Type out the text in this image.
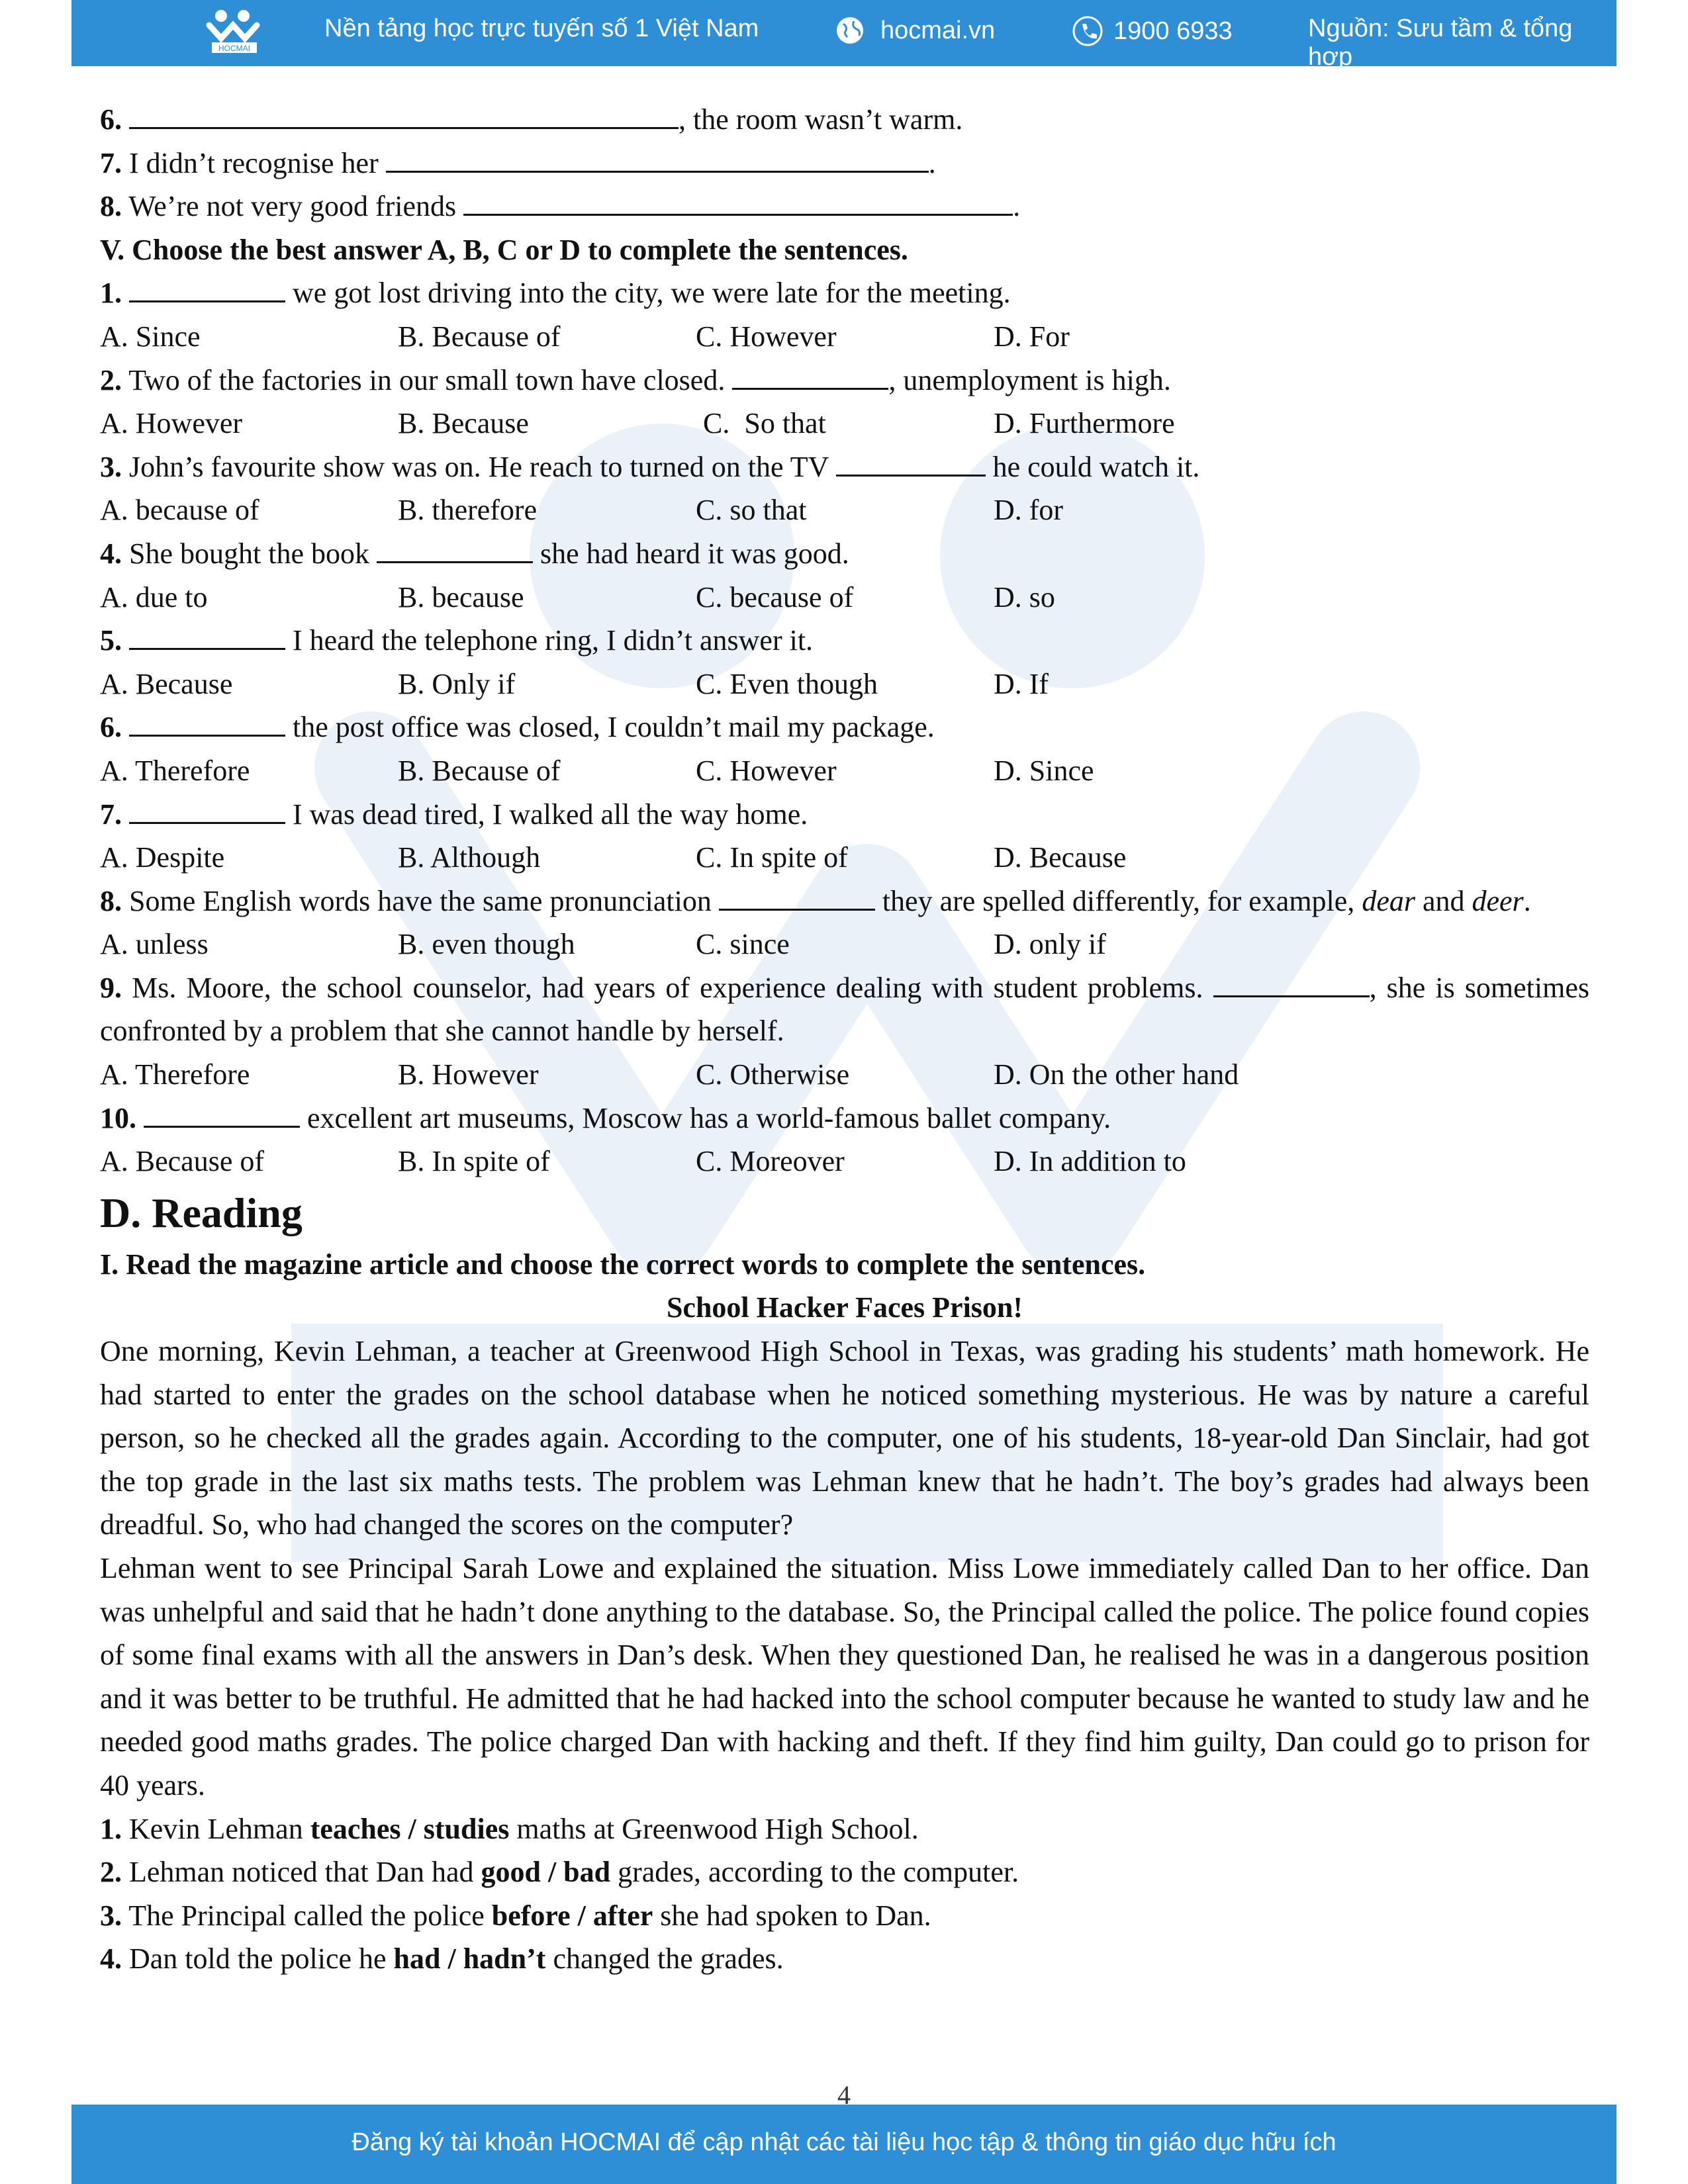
HOCMAI
Nền tảng học trực tuyến số 1 Việt Nam	hocmai.vn	1900 6933	Nguồn: Sưu tầm & tổng hợp
6.	, the room wasn’t warm.
7. I didn’t recognise her	.
8. We’re not very good friends	.
V. Choose the best answer A, B, C or D to complete the sentences.
1.	we got lost driving into the city, we were late for the meeting.
A. Since	B. Because of	C. However	D. For
2. Two of the factories in our small town have closed.	, unemployment is high.
A. However	B. Because	C.  So that	D. Furthermore
3. John’s favourite show was on. He reach to turned on the TV	he could watch it.
A. because of	B. therefore	C. so that	D. for
4. She bought the book	she had heard it was good.
A. due to	B. because	C. because of	D. so
5.	I heard the telephone ring, I didn’t answer it.
A. Because	B. Only if	C. Even though	D. If
6.	the post office was closed, I couldn’t mail my package.
A. Therefore	B. Because of	C. However	D. Since
7.	I was dead tired, I walked all the way home.
A. Despite	B. Although	C. In spite of	D. Because
8. Some English words have the same pronunciation	they are spelled differently, for example, dear and deer.
A. unless	B. even though	C. since	D. only if
9. Ms. Moore, the school counselor, had years of experience dealing with student problems.	, she is sometimes confronted by a problem that she cannot handle by herself.
A. Therefore	B. However	C. Otherwise	D. On the other hand
10.	excellent art museums, Moscow has a world-famous ballet company.
A. Because of	B. In spite of	C. Moreover	D. In addition to
D. Reading
I. Read the magazine article and choose the correct words to complete the sentences.
School Hacker Faces Prison!
One morning, Kevin Lehman, a teacher at Greenwood High School in Texas, was grading his students’ math homework. He had started to enter the grades on the school database when he noticed something mysterious. He was by nature a careful person, so he checked all the grades again. According to the computer, one of his students, 18-year-old Dan Sinclair, had got the top grade in the last six maths tests. The problem was Lehman knew that he hadn’t. The boy’s grades had always been dreadful. So, who had changed the scores on the computer?
Lehman went to see Principal Sarah Lowe and explained the situation. Miss Lowe immediately called Dan to her office. Dan was unhelpful and said that he hadn’t done anything to the database. So, the Principal called the police. The police found copies of some final exams with all the answers in Dan’s desk. When they questioned Dan, he realised he was in a dangerous position and it was better to be truthful. He admitted that he had hacked into the school computer because he wanted to study law and he needed good maths grades. The police charged Dan with hacking and theft. If they find him guilty, Dan could go to prison for 40 years.
1. Kevin Lehman teaches / studies maths at Greenwood High School.
2. Lehman noticed that Dan had good / bad grades, according to the computer.
3. The Principal called the police before / after she had spoken to Dan.
4. Dan told the police he had / hadn’t changed the grades.
4
Đăng ký tài khoản HOCMAI để cập nhật các tài liệu học tập & thông tin giáo dục hữu ích
